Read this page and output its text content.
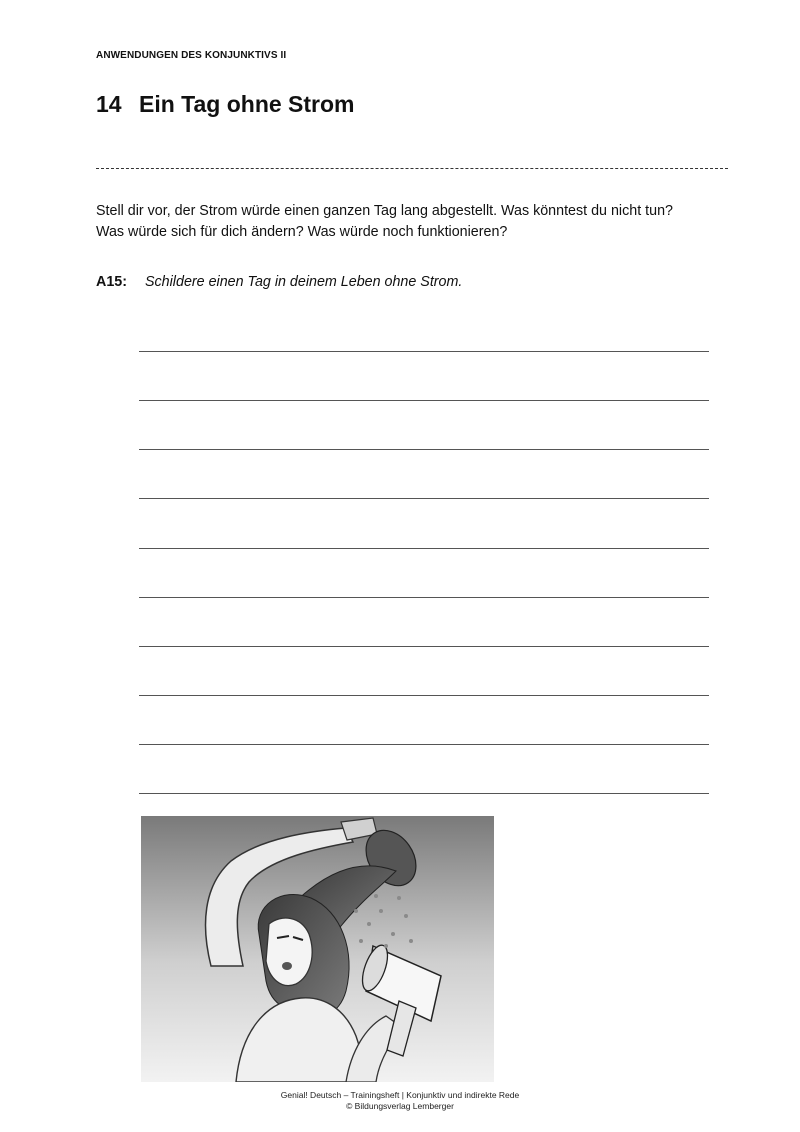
ANWENDUNGEN DES KONJUNKTIVS II
14 Ein Tag ohne Strom

Stell dir vor, der Strom würde einen ganzen Tag lang abgestellt. Was könntest du nicht tun?

Was würde sich für dich ändern? Was würde noch funktionieren?

A15: Schildere einen Tag in deinem Leben ohne Strom.
Genial! Deutsch – Trainingsheft | Konjunktiv und indirekte Rede
© Bildungsverlag Lemberger
